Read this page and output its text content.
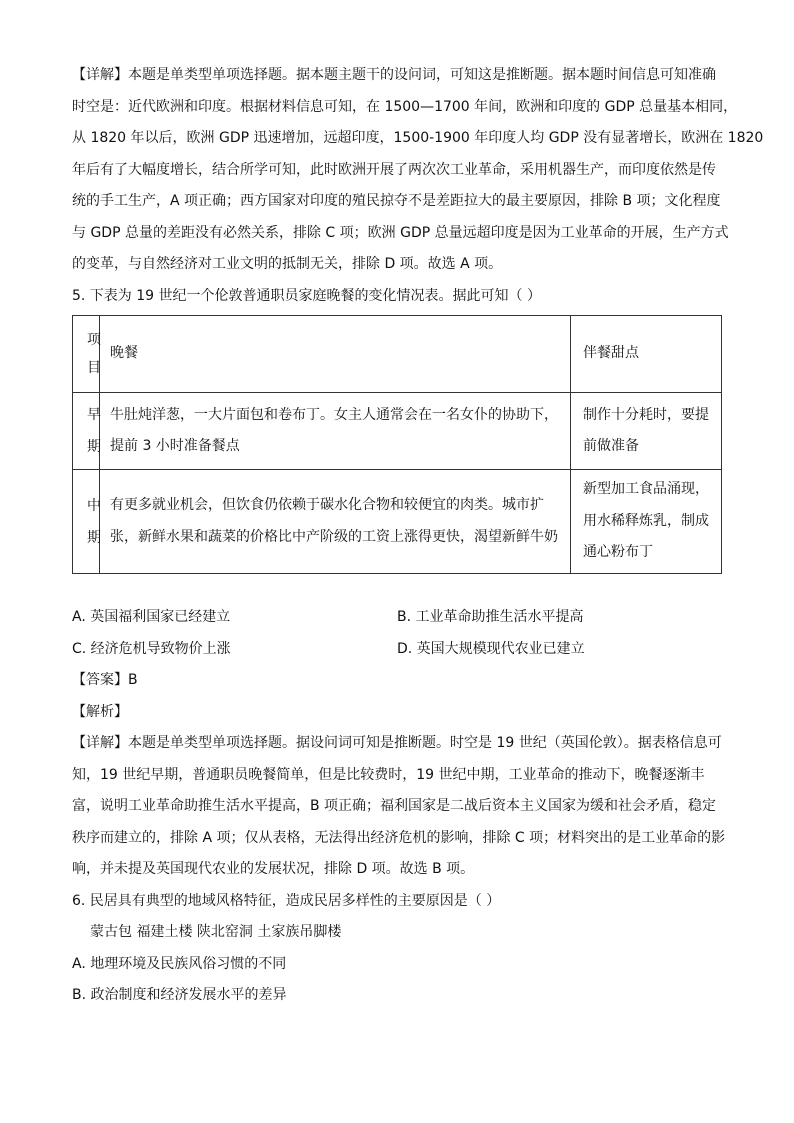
【详解】本题是单类型单项选择题。据本题主题干的设问词，可知这是推断题。据本题时间信息可知准确

时空是：近代欧洲和印度。根据材料信息可知，在 1500—1700 年间，欧洲和印度的 GDP 总量基本相同，

从 1820 年以后，欧洲 GDP 迅速增加，远超印度，1500-1900 年印度人均 GDP 没有显著增长，欧洲在 1820

年后有了大幅度增长，结合所学可知，此时欧洲开展了两次次工业革命，采用机器生产，而印度依然是传

统的手工生产，A 项正确；西方国家对印度的殖民掠夺不是差距拉大的最主要原因，排除 B 项；文化程度

与 GDP 总量的差距没有必然关系，排除 C 项；欧洲 GDP 总量远超印度是因为工业革命的开展，生产方式

的变革，与自然经济对工业文明的抵制无关，排除 D 项。故选 A 项。

5. 下表为 19 世纪一个伦敦普通职员家庭晚餐的变化情况表。据此可知（ ）

项目	晚餐	伴餐甜点

早期	牛肚炖洋葱，一大片面包和卷布丁。女主人通常会在一名女仆的协助下，提前 3 小时准备餐点	制作十分耗时，要提前做准备

中期	有更多就业机会，但饮食仍依赖于碳水化合物和较便宜的肉类。城市扩张，新鲜水果和蔬菜的价格比中产阶级的工资上涨得更快，渴望新鲜牛奶	新型加工食品涌现，用水稀释炼乳，制成通心粉布丁
A. 英国福利国家已经建立	B. 工业革命助推生活水平提高
C. 经济危机导致物价上涨	D. 英国大规模现代农业已建立

【答案】B

【解析】

【详解】本题是单类型单项选择题。据设问词可知是推断题。时空是 19 世纪（英国伦敦）。据表格信息可

知，19 世纪早期，普通职员晚餐简单，但是比较费时，19 世纪中期，工业革命的推动下，晚餐逐渐丰

富，说明工业革命助推生活水平提高，B 项正确；福利国家是二战后资本主义国家为缓和社会矛盾，稳定

秩序而建立的，排除 A 项；仅从表格，无法得出经济危机的影响，排除 C 项；材料突出的是工业革命的影

响，并未提及英国现代农业的发展状况，排除 D 项。故选 B 项。

6. 民居具有典型的地域风格特征，造成民居多样性的主要原因是（ ）

蒙古包 福建土楼 陕北窑洞 土家族吊脚楼

A. 地理环境及民族风俗习惯的不同

B. 政治制度和经济发展水平的差异
